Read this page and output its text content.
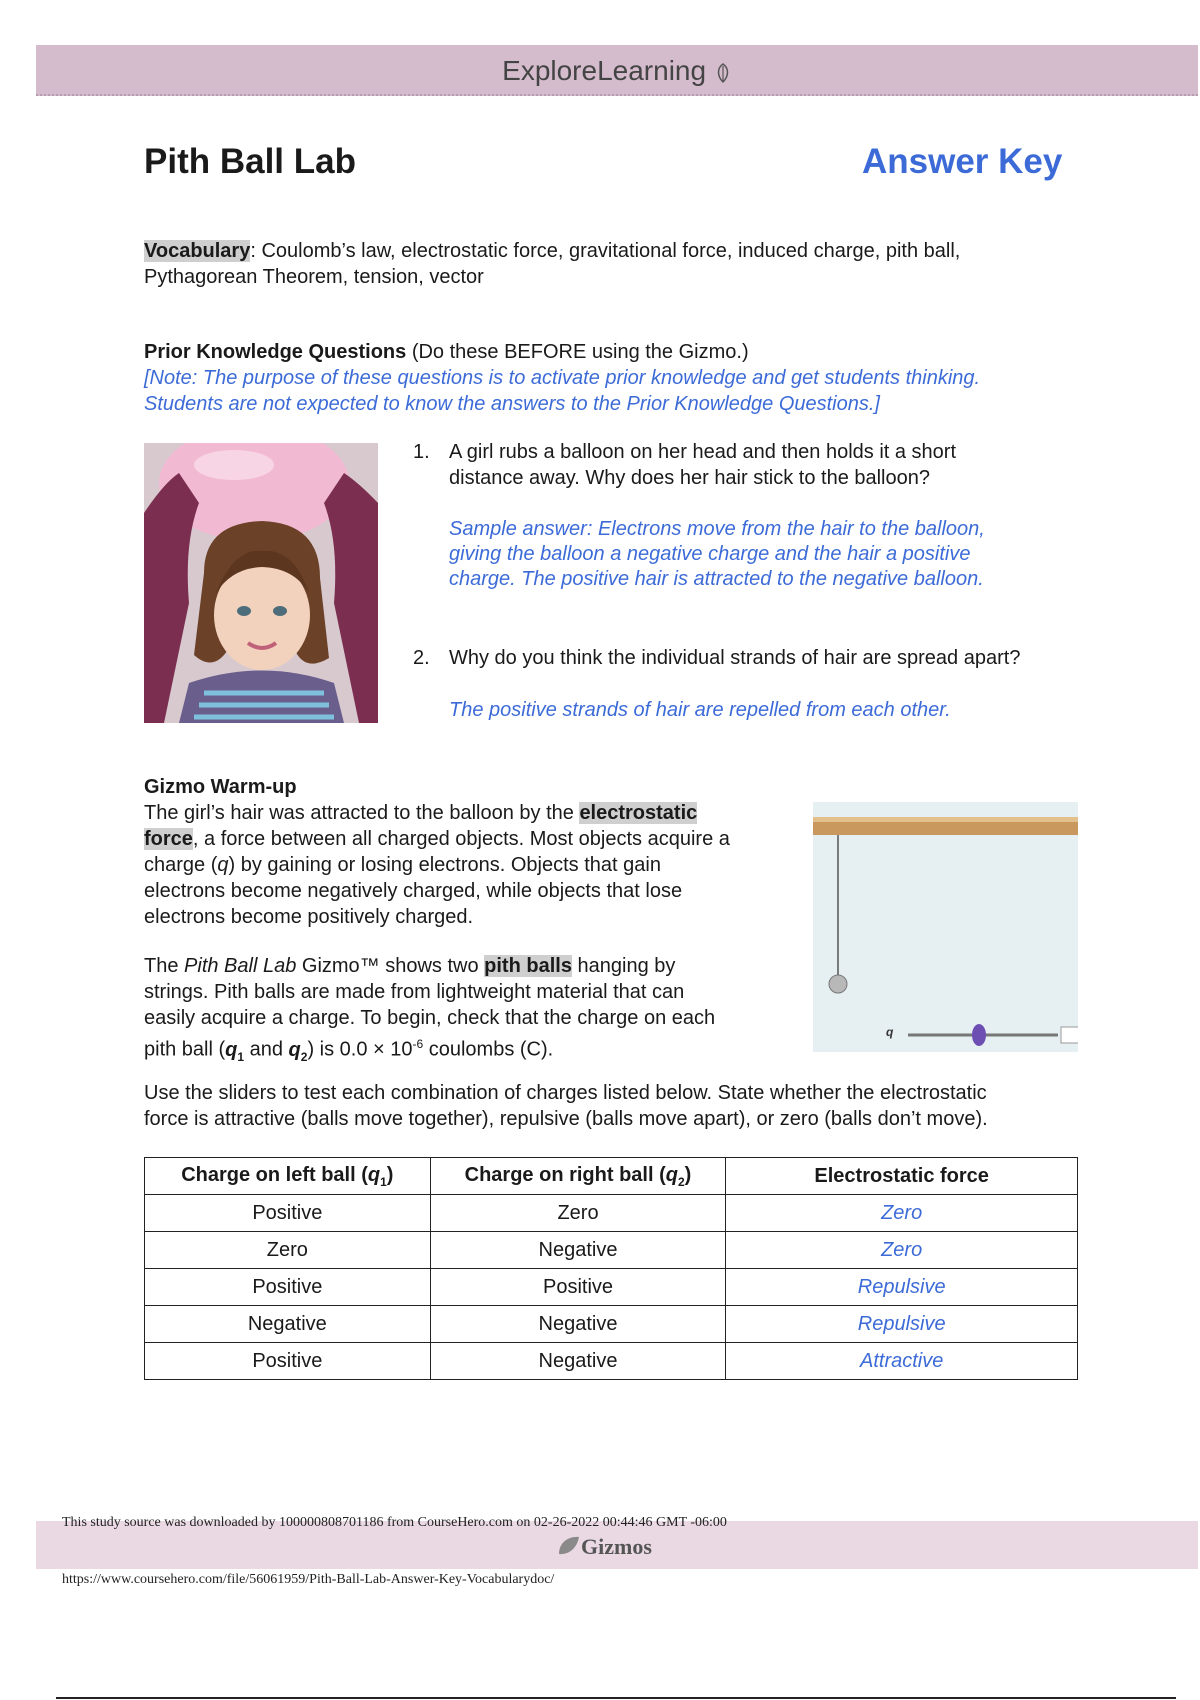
ExploreLearning
Pith Ball Lab	Answer Key
Vocabulary: Coulomb’s law, electrostatic force, gravitational force, induced charge, pith ball,
Pythagorean Theorem, tension, vector
Prior Knowledge Questions (Do these BEFORE using the Gizmo.)
[Note: The purpose of these questions is to activate prior knowledge and get students thinking.
Students are not expected to know the answers to the Prior Knowledge Questions.]
1. A girl rubs a balloon on her head and then holds it a short
distance away. Why does her hair stick to the balloon?
Sample answer: Electrons move from the hair to the balloon,
giving the balloon a negative charge and the hair a positive
charge. The positive hair is attracted to the negative balloon.
2. Why do you think the individual strands of hair are spread apart?
The positive strands of hair are repelled from each other.
Gizmo Warm-up
The girl’s hair was attracted to the balloon by the electrostatic
force, a force between all charged objects. Most objects acquire a
charge (q) by gaining or losing electrons. Objects that gain
electrons become negatively charged, while objects that lose
electrons become positively charged.
The Pith Ball Lab Gizmo™ shows two pith balls hanging by
strings. Pith balls are made from lightweight material that can
easily acquire a charge. To begin, check that the charge on each
pith ball ($q_1$ and $q_2$) is $0.0 \times 10^{-6}$ coulombs (C).
q
Use the sliders to test each combination of charges listed below. State whether the electrostatic
force is attractive (balls move together), repulsive (balls move apart), or zero (balls don’t move).
Charge on left ball $(q_1)$	Charge on right ball $(q_2)$	Electrostatic force
Positive	Zero	Zero
Zero	Negative	Zero
Positive	Positive	Repulsive
Negative	Negative	Repulsive
Positive	Negative	Attractive
This study source was downloaded by 100000808701186 from CourseHero.com on 02-26-2022 00:44:46 GMT -06:00
Gizmos
https://www.coursehero.com/file/56061959/Pith-Ball-Lab-Answer-Key-Vocabularydoc/
